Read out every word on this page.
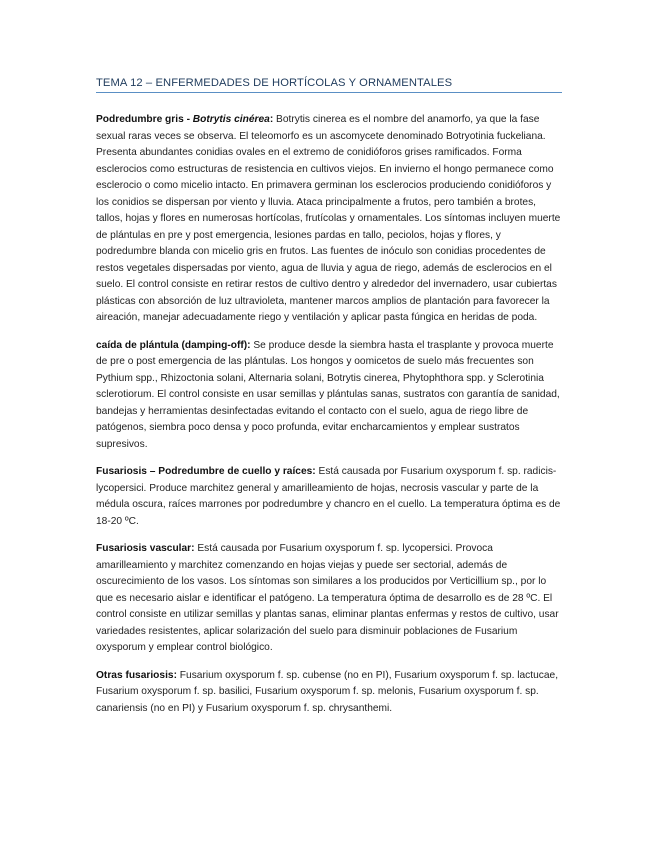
TEMA 12 – ENFERMEDADES DE HORTÍCOLAS Y ORNAMENTALES

Podredumbre gris - Botrytis cinérea: Botrytis cinerea es el nombre del anamorfo, ya que la fase sexual raras veces se observa. El teleomorfo es un ascomycete denominado Botryotinia fuckeliana. Presenta abundantes conidias ovales en el extremo de conidióforos grises ramificados. Forma esclerocios como estructuras de resistencia en cultivos viejos. En invierno el hongo permanece como esclerocio o como micelio intacto. En primavera germinan los esclerocios produciendo conidióforos y los conidios se dispersan por viento y lluvia. Ataca principalmente a frutos, pero también a brotes, tallos, hojas y flores en numerosas hortícolas, frutícolas y ornamentales. Los síntomas incluyen muerte de plántulas en pre y post emergencia, lesiones pardas en tallo, peciolos, hojas y flores, y podredumbre blanda con micelio gris en frutos. Las fuentes de inóculo son conidias procedentes de restos vegetales dispersadas por viento, agua de lluvia y agua de riego, además de esclerocios en el suelo. El control consiste en retirar restos de cultivo dentro y alrededor del invernadero, usar cubiertas plásticas con absorción de luz ultravioleta, mantener marcos amplios de plantación para favorecer la aireación, manejar adecuadamente riego y ventilación y aplicar pasta fúngica en heridas de poda.

caída de plántula (damping-off): Se produce desde la siembra hasta el trasplante y provoca muerte de pre o post emergencia de las plántulas. Los hongos y oomicetos de suelo más frecuentes son Pythium spp., Rhizoctonia solani, Alternaria solani, Botrytis cinerea, Phytophthora spp. y Sclerotinia sclerotiorum. El control consiste en usar semillas y plántulas sanas, sustratos con garantía de sanidad, bandejas y herramientas desinfectadas evitando el contacto con el suelo, agua de riego libre de patógenos, siembra poco densa y poco profunda, evitar encharcamientos y emplear sustratos supresivos.

Fusariosis – Podredumbre de cuello y raíces: Está causada por Fusarium oxysporum f. sp. radicis-lycopersici. Produce marchitez general y amarilleamiento de hojas, necrosis vascular y parte de la médula oscura, raíces marrones por podredumbre y chancro en el cuello. La temperatura óptima es de 18-20 ºC.

Fusariosis vascular: Está causada por Fusarium oxysporum f. sp. lycopersici. Provoca amarilleamiento y marchitez comenzando en hojas viejas y puede ser sectorial, además de oscurecimiento de los vasos. Los síntomas son similares a los producidos por Verticillium sp., por lo que es necesario aislar e identificar el patógeno. La temperatura óptima de desarrollo es de 28 ºC. El control consiste en utilizar semillas y plantas sanas, eliminar plantas enfermas y restos de cultivo, usar variedades resistentes, aplicar solarización del suelo para disminuir poblaciones de Fusarium oxysporum y emplear control biológico.

Otras fusariosis: Fusarium oxysporum f. sp. cubense (no en PI), Fusarium oxysporum f. sp. lactucae, Fusarium oxysporum f. sp. basilici, Fusarium oxysporum f. sp. melonis, Fusarium oxysporum f. sp. canariensis (no en PI) y Fusarium oxysporum f. sp. chrysanthemi.
